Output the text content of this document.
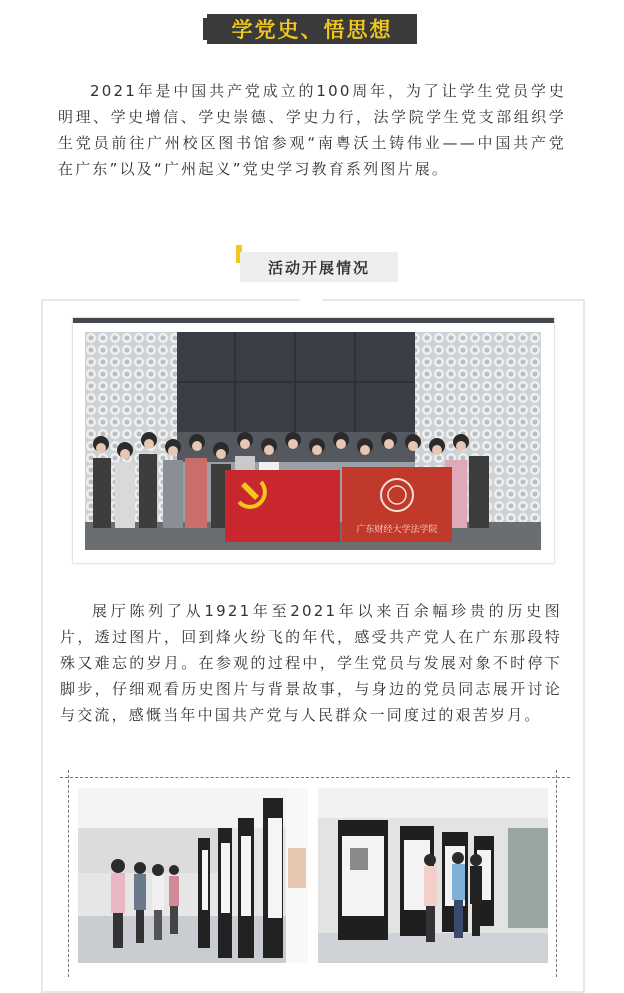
学党史、悟思想
2021年是中国共产党成立的100周年，为了让学生党员学史明理、学史增信、学史崇德、学史力行，法学院学生党支部组织学生党员前往广州校区图书馆参观“南粤沃土铸伟业——中国共产党在广东”以及“广州起义”党史学习教育系列图片展。
活动开展情况
广东财经大学法学院
展厅陈列了从1921年至2021年以来百余幅珍贵的历史图片，透过图片，回到烽火纷飞的年代，感受共产党人在广东那段特殊又难忘的岁月。在参观的过程中，学生党员与发展对象不时停下脚步，仔细观看历史图片与背景故事，与身边的党员同志展开讨论与交流，感慨当年中国共产党与人民群众一同度过的艰苦岁月。
